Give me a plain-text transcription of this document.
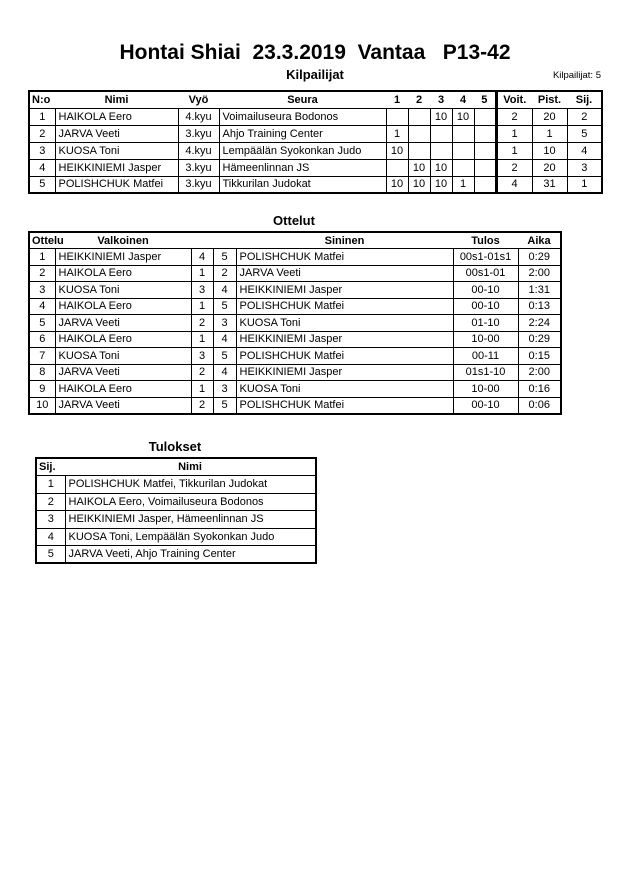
Hontai Shiai  23.3.2019  Vantaa   P13-42
Kilpailijat	Kilpailijat: 5
N:o	Nimi	Vyö	Seura	1	2	3	4	5	Voit.	Pist.	Sij.
1	HAIKOLA Eero	4.kyu	Voimailuseura Bodonos			10	10		2	20	2
2	JARVA Veeti	3.kyu	Ahjo Training Center	1					1	1	5
3	KUOSA Toni	4.kyu	Lempäälän Syokonkan Judo	10					1	10	4
4	HEIKKINIEMI Jasper	3.kyu	Hämeenlinnan JS		10	10			2	20	3
5	POLISHCHUK Matfei	3.kyu	Tikkurilan Judokat	10	10	10	1		4	31	1
Ottelut
Ottelu	Valkoinen			Sininen	Tulos	Aika
1	HEIKKINIEMI Jasper	4	5	POLISHCHUK Matfei	00s1-01s1	0:29
2	HAIKOLA Eero	1	2	JARVA Veeti	00s1-01	2:00
3	KUOSA Toni	3	4	HEIKKINIEMI Jasper	00-10	1:31
4	HAIKOLA Eero	1	5	POLISHCHUK Matfei	00-10	0:13
5	JARVA Veeti	2	3	KUOSA Toni	01-10	2:24
6	HAIKOLA Eero	1	4	HEIKKINIEMI Jasper	10-00	0:29
7	KUOSA Toni	3	5	POLISHCHUK Matfei	00-11	0:15
8	JARVA Veeti	2	4	HEIKKINIEMI Jasper	01s1-10	2:00
9	HAIKOLA Eero	1	3	KUOSA Toni	10-00	0:16
10	JARVA Veeti	2	5	POLISHCHUK Matfei	00-10	0:06
Tulokset
Sij.	Nimi
1	POLISHCHUK Matfei, Tikkurilan Judokat
2	HAIKOLA Eero, Voimailuseura Bodonos
3	HEIKKINIEMI Jasper, Hämeenlinnan JS
4	KUOSA Toni, Lempäälän Syokonkan Judo
5	JARVA Veeti, Ahjo Training Center
